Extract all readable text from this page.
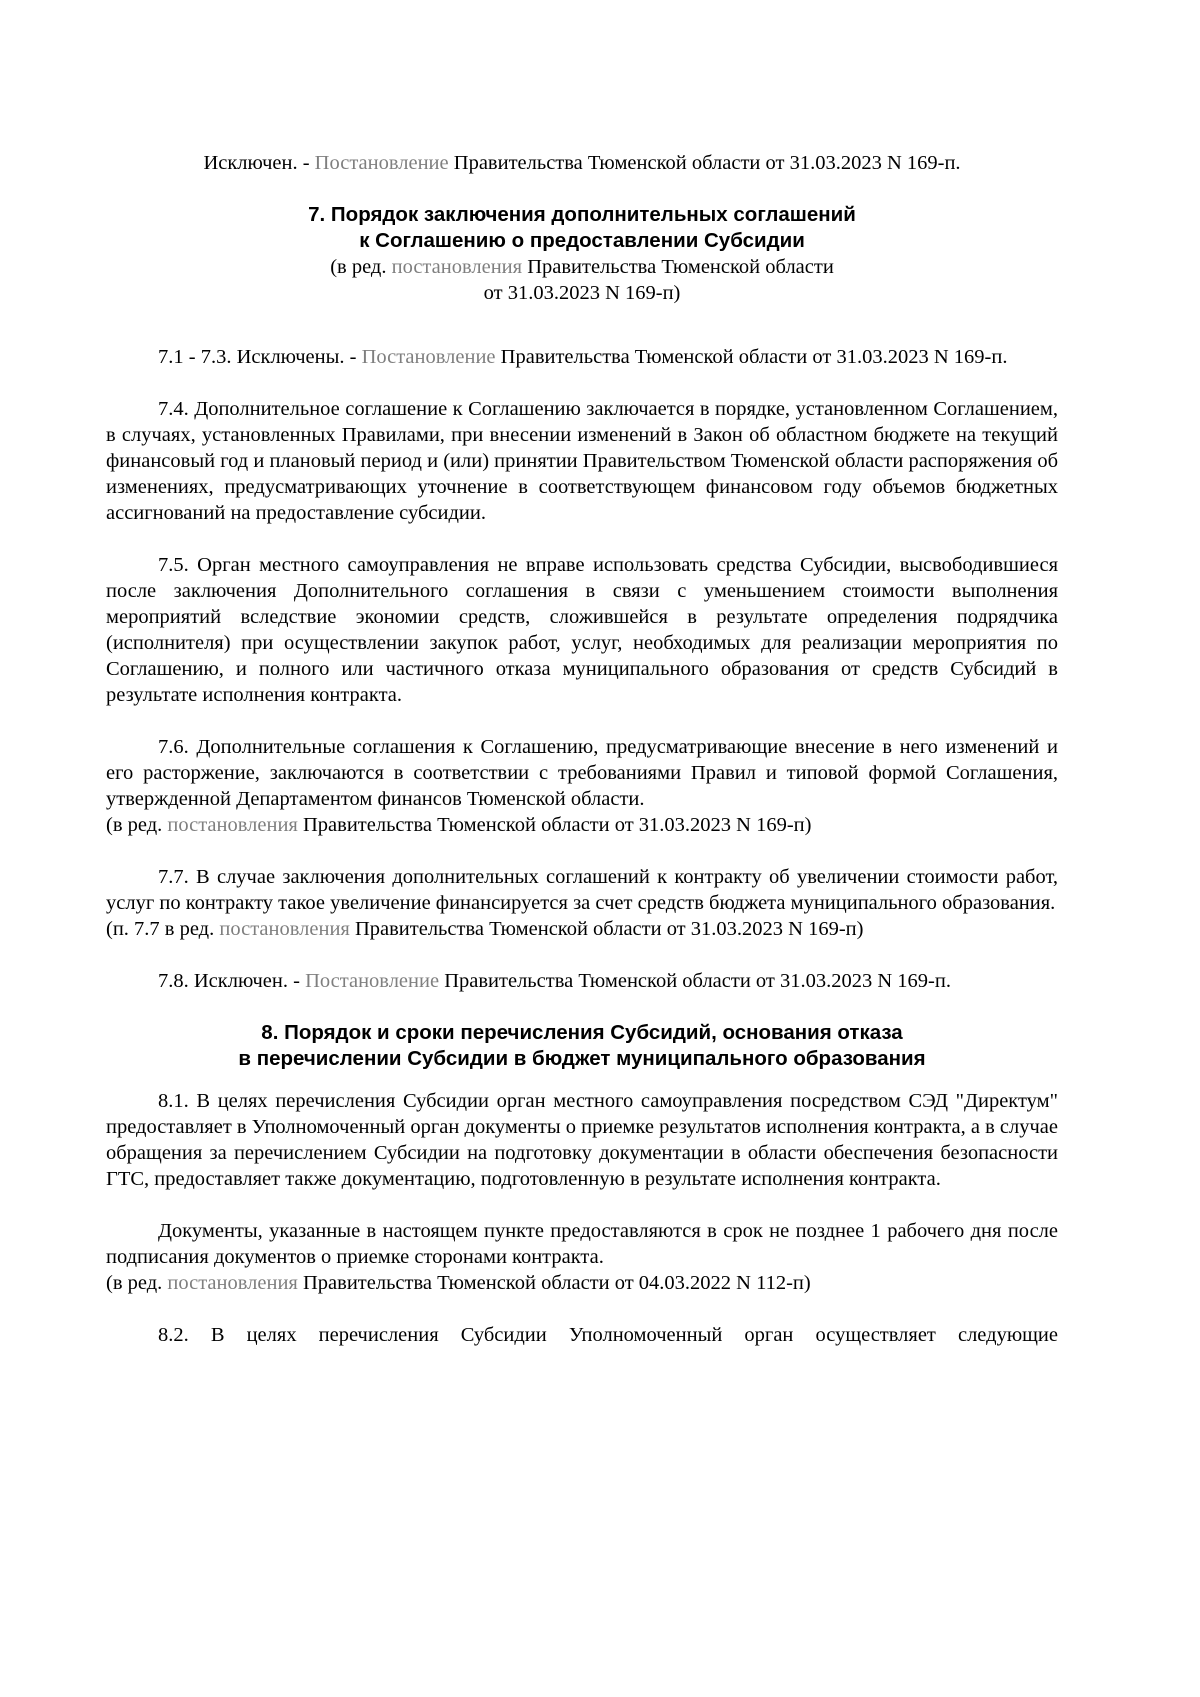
Исключен. - Постановление Правительства Тюменской области от 31.03.2023 N 169-п.

7. Порядок заключения дополнительных соглашений

к Соглашению о предоставлении Субсидии

(в ред. постановления Правительства Тюменской области

от 31.03.2023 N 169-п)

7.1 - 7.3. Исключены. - Постановление Правительства Тюменской области от 31.03.2023 N 169-п.

7.4. Дополнительное соглашение к Соглашению заключается в порядке, установленном Соглашением, в случаях, установленных Правилами, при внесении изменений в Закон об областном бюджете на текущий финансовый год и плановый период и (или) принятии Правительством Тюменской области распоряжения об изменениях, предусматривающих уточнение в соответствующем финансовом году объемов бюджетных ассигнований на предоставление субсидии.

7.5. Орган местного самоуправления не вправе использовать средства Субсидии, высвободившиеся после заключения Дополнительного соглашения в связи с уменьшением стоимости выполнения мероприятий вследствие экономии средств, сложившейся в результате определения подрядчика (исполнителя) при осуществлении закупок работ, услуг, необходимых для реализации мероприятия по Соглашению, и полного или частичного отказа муниципального образования от средств Субсидий в результате исполнения контракта.

7.6. Дополнительные соглашения к Соглашению, предусматривающие внесение в него изменений и его расторжение, заключаются в соответствии с требованиями Правил и типовой формой Соглашения, утвержденной Департаментом финансов Тюменской области.

(в ред. постановления Правительства Тюменской области от 31.03.2023 N 169-п)

7.7. В случае заключения дополнительных соглашений к контракту об увеличении стоимости работ, услуг по контракту такое увеличение финансируется за счет средств бюджета муниципального образования.

(п. 7.7 в ред. постановления Правительства Тюменской области от 31.03.2023 N 169-п)

7.8. Исключен. - Постановление Правительства Тюменской области от 31.03.2023 N 169-п.

8. Порядок и сроки перечисления Субсидий, основания отказа

в перечислении Субсидии в бюджет муниципального образования

8.1. В целях перечисления Субсидии орган местного самоуправления посредством СЭД "Директум" предоставляет в Уполномоченный орган документы о приемке результатов исполнения контракта, а в случае обращения за перечислением Субсидии на подготовку документации в области обеспечения безопасности ГТС, предоставляет также документацию, подготовленную в результате исполнения контракта.

Документы, указанные в настоящем пункте предоставляются в срок не позднее 1 рабочего дня после подписания документов о приемке сторонами контракта.

(в ред. постановления Правительства Тюменской области от 04.03.2022 N 112-п)

8.2. В целях перечисления Субсидии Уполномоченный орган осуществляет следующие
